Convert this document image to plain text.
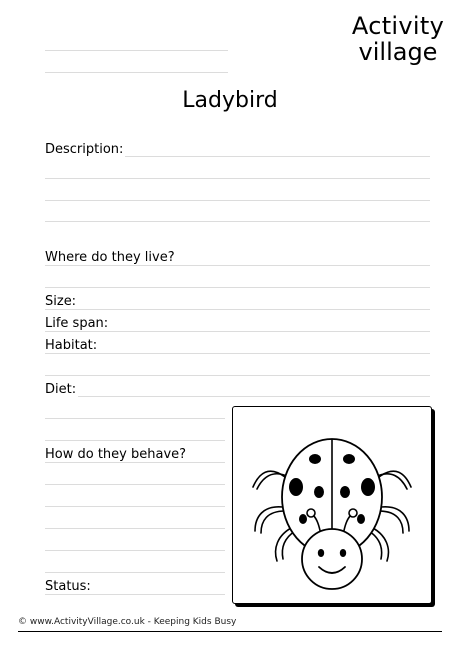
Activity
village
Ladybird
Description:
Where do they live?
Size:
Life span:
Habitat:
Diet:
How do they behave?
Status:
© www.ActivityVillage.co.uk - Keeping Kids Busy
